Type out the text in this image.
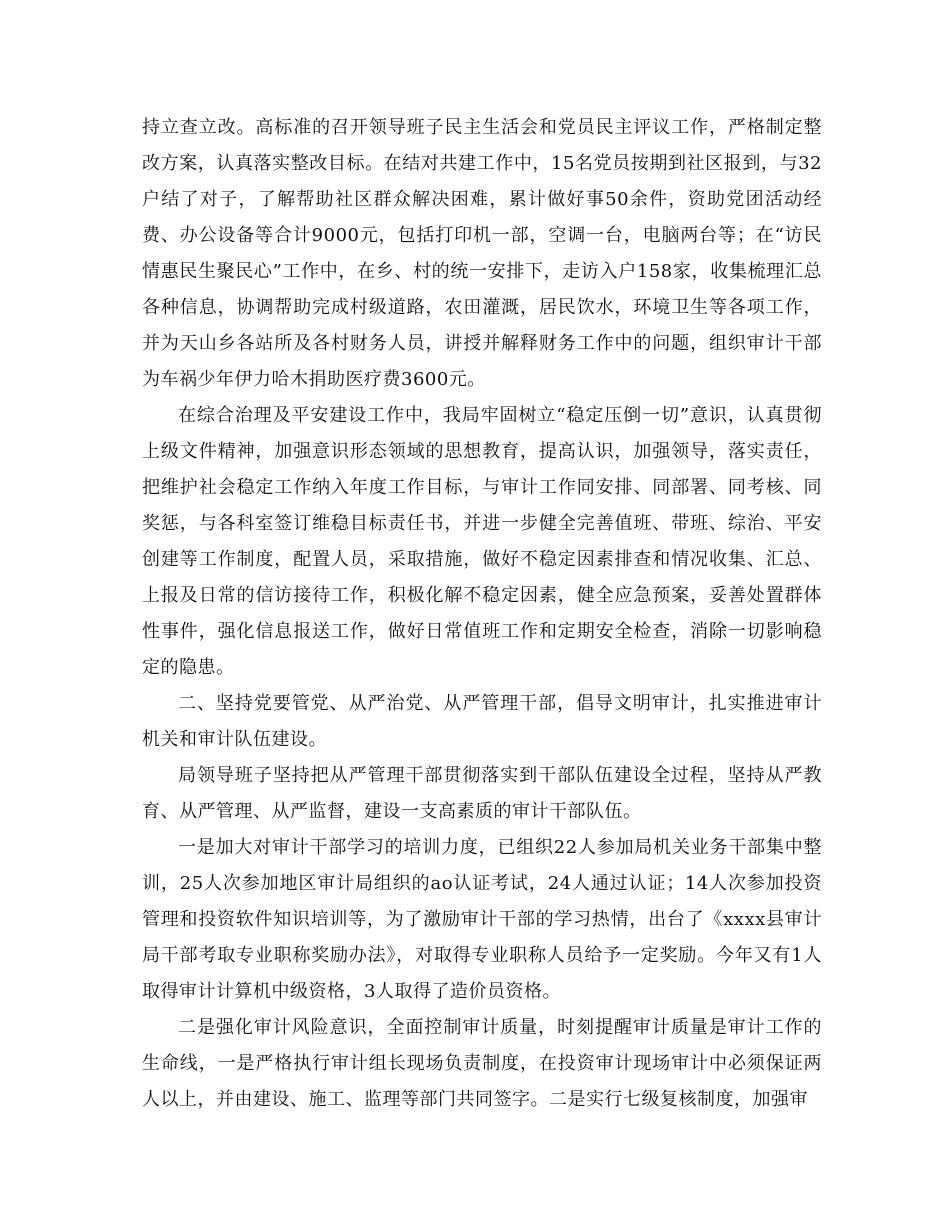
持立查立改。高标准的召开领导班子民主生活会和党员民主评议工作，严格制定整改方案，认真落实整改目标。在结对共建工作中，15名党员按期到社区报到，与32户结了对子，了解帮助社区群众解决困难，累计做好事50余件，资助党团活动经费、办公设备等合计9000元，包括打印机一部，空调一台，电脑两台等；在“访民情惠民生聚民心”工作中，在乡、村的统一安排下，走访入户158家，收集梳理汇总各种信息，协调帮助完成村级道路，农田灌溉，居民饮水，环境卫生等各项工作，并为天山乡各站所及各村财务人员，讲授并解释财务工作中的问题，组织审计干部为车祸少年伊力哈木捐助医疗费3600元。

在综合治理及平安建设工作中，我局牢固树立“稳定压倒一切”意识，认真贯彻上级文件精神，加强意识形态领域的思想教育，提高认识，加强领导，落实责任，把维护社会稳定工作纳入年度工作目标，与审计工作同安排、同部署、同考核、同奖惩，与各科室签订维稳目标责任书，并进一步健全完善值班、带班、综治、平安创建等工作制度，配置人员，采取措施，做好不稳定因素排查和情况收集、汇总、上报及日常的信访接待工作，积极化解不稳定因素，健全应急预案，妥善处置群体性事件，强化信息报送工作，做好日常值班工作和定期安全检查，消除一切影响稳定的隐患。

二、坚持党要管党、从严治党、从严管理干部，倡导文明审计，扎实推进审计机关和审计队伍建设。

局领导班子坚持把从严管理干部贯彻落实到干部队伍建设全过程，坚持从严教育、从严管理、从严监督，建设一支高素质的审计干部队伍。

一是加大对审计干部学习的培训力度，已组织22人参加局机关业务干部集中整训，25人次参加地区审计局组织的ao认证考试，24人通过认证；14人次参加投资管理和投资软件知识培训等，为了激励审计干部的学习热情，出台了《xxxx县审计局干部考取专业职称奖励办法》，对取得专业职称人员给予一定奖励。今年又有1人取得审计计算机中级资格，3人取得了造价员资格。

二是强化审计风险意识，全面控制审计质量，时刻提醒审计质量是审计工作的生命线，一是严格执行审计组长现场负责制度，在投资审计现场审计中必须保证两人以上，并由建设、施工、监理等部门共同签字。二是实行七级复核制度，加强审
